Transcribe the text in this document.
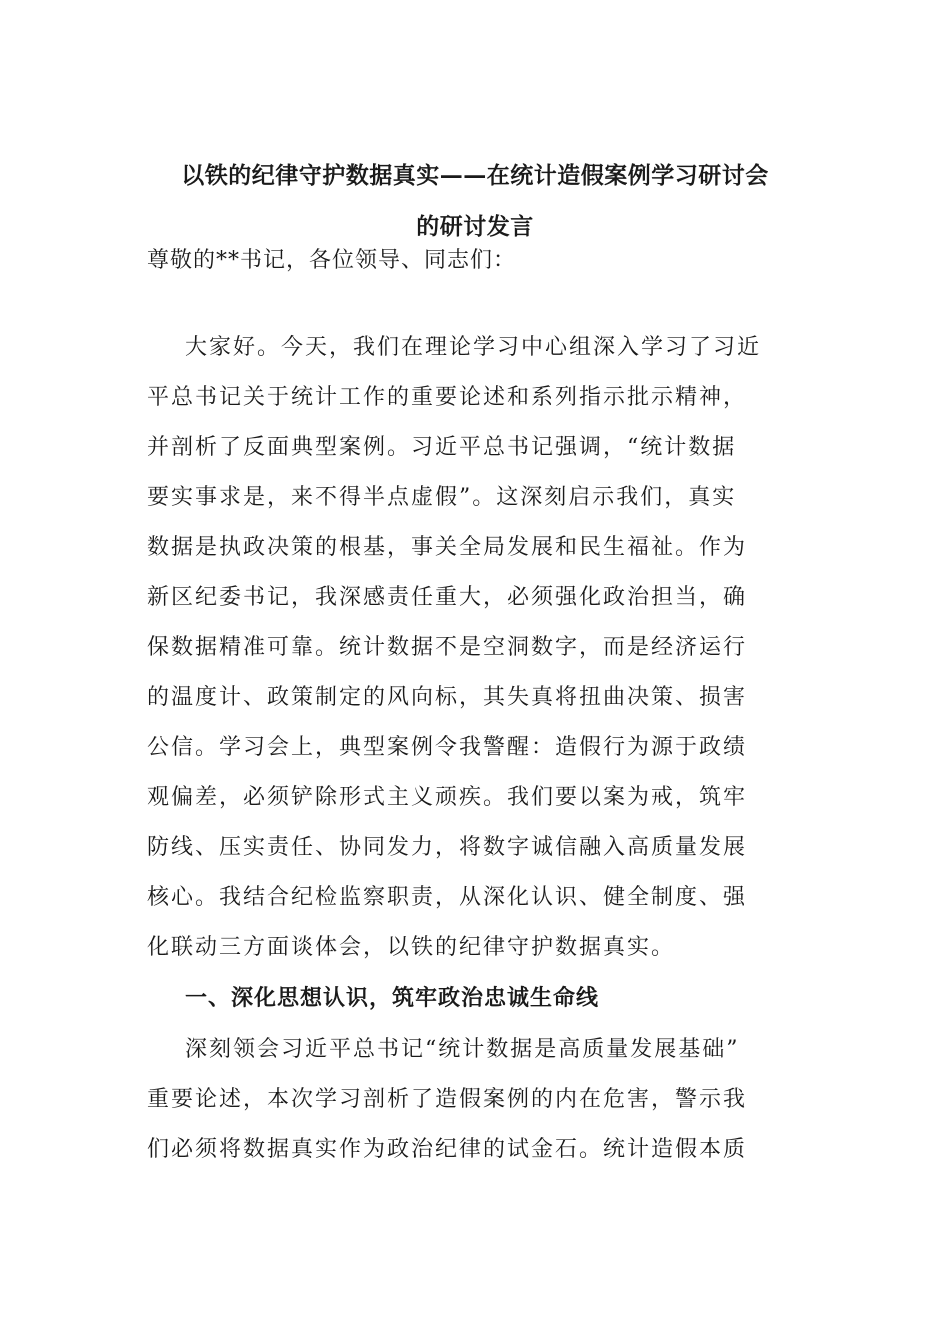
以铁的纪律守护数据真实——在统计造假案例学习研讨会
的研讨发言
尊敬的**书记，各位领导、同志们：
大家好。今天，我们在理论学习中心组深入学习了习近
平总书记关于统计工作的重要论述和系列指示批示精神，
并剖析了反面典型案例。习近平总书记强调，“统计数据
要实事求是，来不得半点虚假”。这深刻启示我们，真实
数据是执政决策的根基，事关全局发展和民生福祉。作为
新区纪委书记，我深感责任重大，必须强化政治担当，确
保数据精准可靠。统计数据不是空洞数字，而是经济运行
的温度计、政策制定的风向标，其失真将扭曲决策、损害
公信。学习会上，典型案例令我警醒：造假行为源于政绩
观偏差，必须铲除形式主义顽疾。我们要以案为戒，筑牢
防线、压实责任、协同发力，将数字诚信融入高质量发展
核心。我结合纪检监察职责，从深化认识、健全制度、强
化联动三方面谈体会，以铁的纪律守护数据真实。
一、深化思想认识，筑牢政治忠诚生命线
深刻领会习近平总书记“统计数据是高质量发展基础”
重要论述，本次学习剖析了造假案例的内在危害，警示我
们必须将数据真实作为政治纪律的试金石。统计造假本质
